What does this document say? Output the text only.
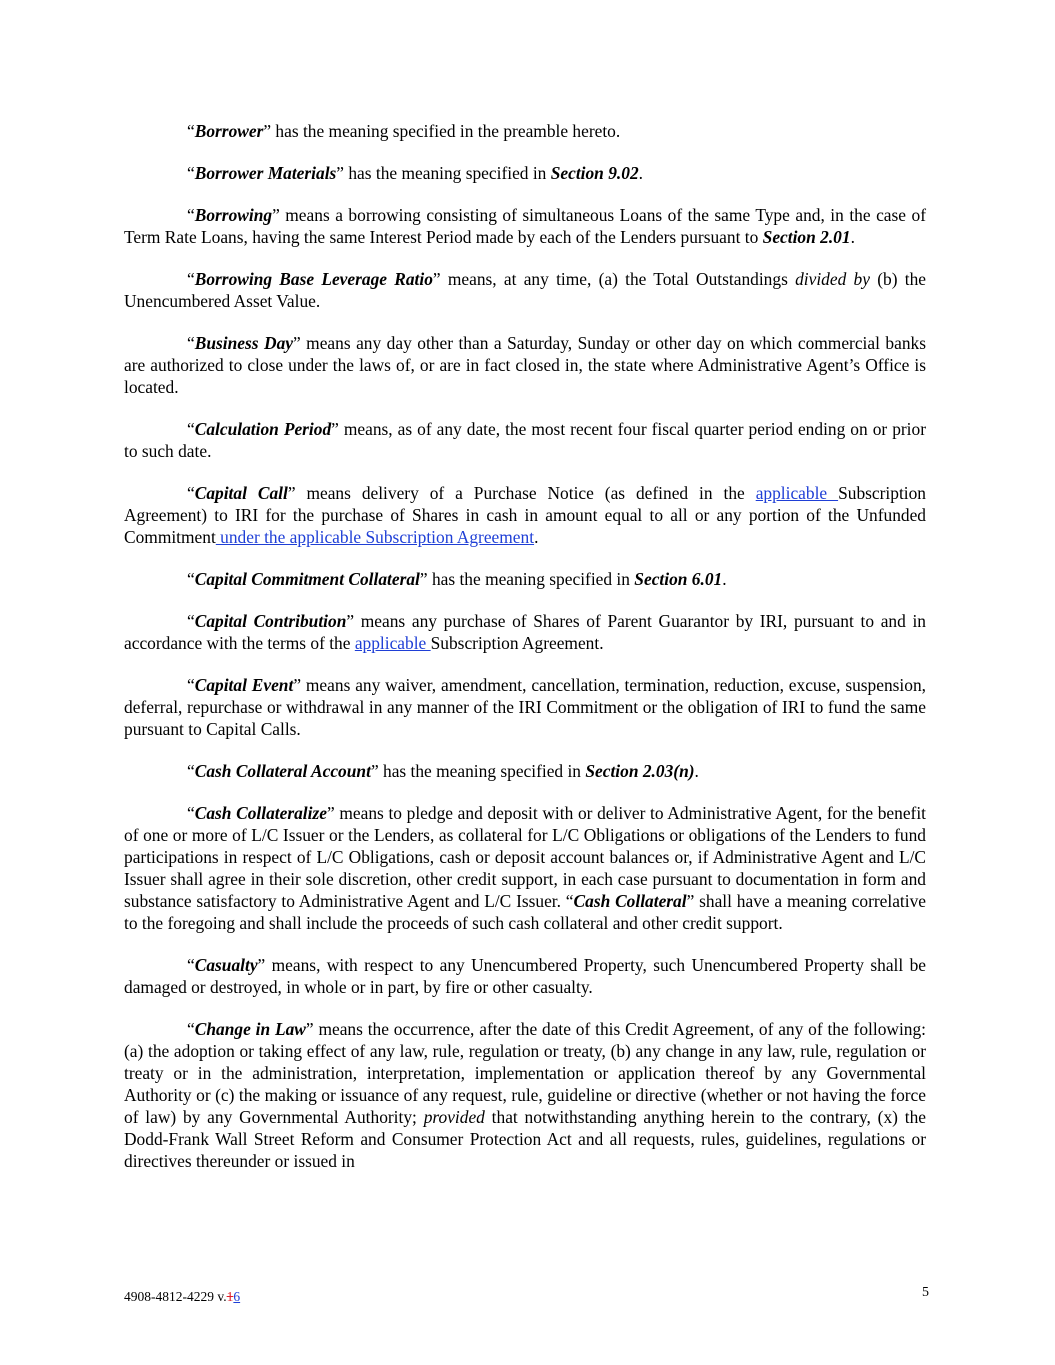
“Borrower” has the meaning specified in the preamble hereto.

“Borrower Materials” has the meaning specified in Section 9.02.

“Borrowing” means a borrowing consisting of simultaneous Loans of the same Type and, in the case of Term Rate Loans, having the same Interest Period made by each of the Lenders pursuant to Section 2.01.

“Borrowing Base Leverage Ratio” means, at any time, (a) the Total Outstandings divided by (b) the Unencumbered Asset Value.

“Business Day” means any day other than a Saturday, Sunday or other day on which commercial banks are authorized to close under the laws of, or are in fact closed in, the state where Administrative Agent’s Office is located.

“Calculation Period” means, as of any date, the most recent four fiscal quarter period ending on or prior to such date.

“Capital Call” means delivery of a Purchase Notice (as defined in the applicable Subscription Agreement) to IRI for the purchase of Shares in cash in amount equal to all or any portion of the Unfunded Commitment under the applicable Subscription Agreement.

“Capital Commitment Collateral” has the meaning specified in Section 6.01.

“Capital Contribution” means any purchase of Shares of Parent Guarantor by IRI, pursuant to and in accordance with the terms of the applicable Subscription Agreement.

“Capital Event” means any waiver, amendment, cancellation, termination, reduction, excuse, suspension, deferral, repurchase or withdrawal in any manner of the IRI Commitment or the obligation of IRI to fund the same pursuant to Capital Calls.

“Cash Collateral Account” has the meaning specified in Section 2.03(n).

“Cash Collateralize” means to pledge and deposit with or deliver to Administrative Agent, for the benefit of one or more of L/C Issuer or the Lenders, as collateral for L/C Obligations or obligations of the Lenders to fund participations in respect of L/C Obligations, cash or deposit account balances or, if Administrative Agent and L/C Issuer shall agree in their sole discretion, other credit support, in each case pursuant to documentation in form and substance satisfactory to Administrative Agent and L/C Issuer. “Cash Collateral” shall have a meaning correlative to the foregoing and shall include the proceeds of such cash collateral and other credit support.

“Casualty” means, with respect to any Unencumbered Property, such Unencumbered Property shall be damaged or destroyed, in whole or in part, by fire or other casualty.

“Change in Law” means the occurrence, after the date of this Credit Agreement, of any of the following: (a) the adoption or taking effect of any law, rule, regulation or treaty, (b) any change in any law, rule, regulation or treaty or in the administration, interpretation, implementation or application thereof by any Governmental Authority or (c) the making or issuance of any request, rule, guideline or directive (whether or not having the force of law) by any Governmental Authority; provided that notwithstanding anything herein to the contrary, (x) the Dodd-Frank Wall Street Reform and Consumer Protection Act and all requests, rules, guidelines, regulations or directives thereunder or issued in

4908-4812-4229 v.16	5
